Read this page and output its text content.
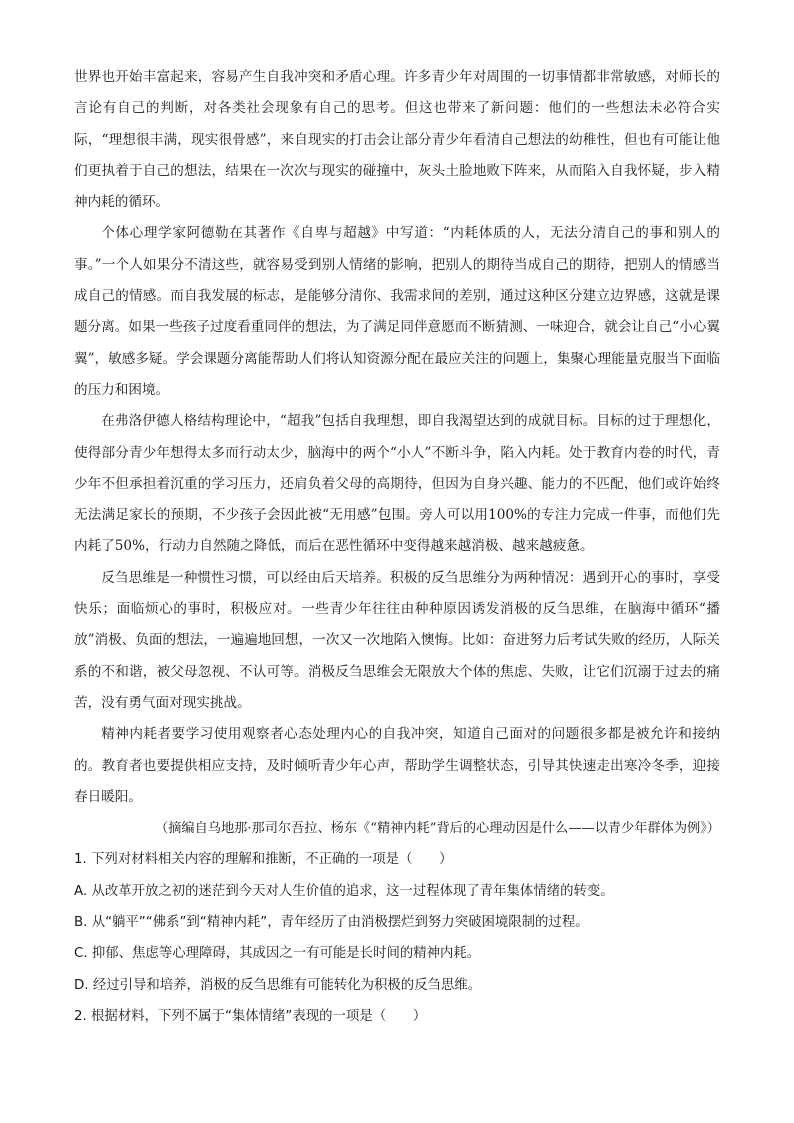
世界也开始丰富起来，容易产生自我冲突和矛盾心理。许多青少年对周围的一切事情都非常敏感，对师长的言论有自己的判断，对各类社会现象有自己的思考。但这也带来了新问题：他们的一些想法未必符合实际，“理想很丰满，现实很骨感”，来自现实的打击会让部分青少年看清自己想法的幼稚性，但也有可能让他们更执着于自己的想法，结果在一次次与现实的碰撞中，灰头土脸地败下阵来，从而陷入自我怀疑，步入精神内耗的循环。

个体心理学家阿德勒在其著作《自卑与超越》中写道：“内耗体质的人，无法分清自己的事和别人的事。”一个人如果分不清这些，就容易受到别人情绪的影响，把别人的期待当成自己的期待，把别人的情感当成自己的情感。而自我发展的标志，是能够分清你、我需求间的差别，通过这种区分建立边界感，这就是课题分离。如果一些孩子过度看重同伴的想法，为了满足同伴意愿而不断猜测、一味迎合，就会让自己“小心翼翼”，敏感多疑。学会课题分离能帮助人们将认知资源分配在最应关注的问题上，集聚心理能量克服当下面临的压力和困境。

在弗洛伊德人格结构理论中，“超我”包括自我理想，即自我渴望达到的成就目标。目标的过于理想化，使得部分青少年想得太多而行动太少，脑海中的两个“小人”不断斗争，陷入内耗。处于教育内卷的时代，青少年不但承担着沉重的学习压力，还肩负着父母的高期待，但因为自身兴趣、能力的不匹配，他们或许始终无法满足家长的预期，不少孩子会因此被“无用感”包围。旁人可以用100%的专注力完成一件事，而他们先内耗了50%，行动力自然随之降低，而后在恶性循环中变得越来越消极、越来越疲惫。

反刍思维是一种惯性习惯，可以经由后天培养。积极的反刍思维分为两种情况：遇到开心的事时，享受快乐；面临烦心的事时，积极应对。一些青少年往往由种种原因诱发消极的反刍思维，在脑海中循环“播放”消极、负面的想法，一遍遍地回想，一次又一次地陷入懊悔。比如：奋进努力后考试失败的经历，人际关系的不和谐，被父母忽视、不认可等。消极反刍思维会无限放大个体的焦虑、失败，让它们沉溺于过去的痛苦，没有勇气面对现实挑战。

精神内耗者要学习使用观察者心态处理内心的自我冲突，知道自己面对的问题很多都是被允许和接纳的。教育者也要提供相应支持，及时倾听青少年心声，帮助学生调整状态，引导其快速走出寒冷冬季，迎接春日暖阳。

（摘编自乌地那·那司尔吾拉、杨东《“精神内耗”背后的心理动因是什么——以青少年群体为例》）

1. 下列对材料相关内容的理解和推断，不正确的一项是（　　）

A. 从改革开放之初的迷茫到今天对人生价值的追求，这一过程体现了青年集体情绪的转变。

B. 从“躺平”“佛系”到“精神内耗”，青年经历了由消极摆烂到努力突破困境限制的过程。

C. 抑郁、焦虑等心理障碍，其成因之一有可能是长时间的精神内耗。

D. 经过引导和培养，消极的反刍思维有可能转化为积极的反刍思维。

2. 根据材料，下列不属于“集体情绪”表现的一项是（　　）
